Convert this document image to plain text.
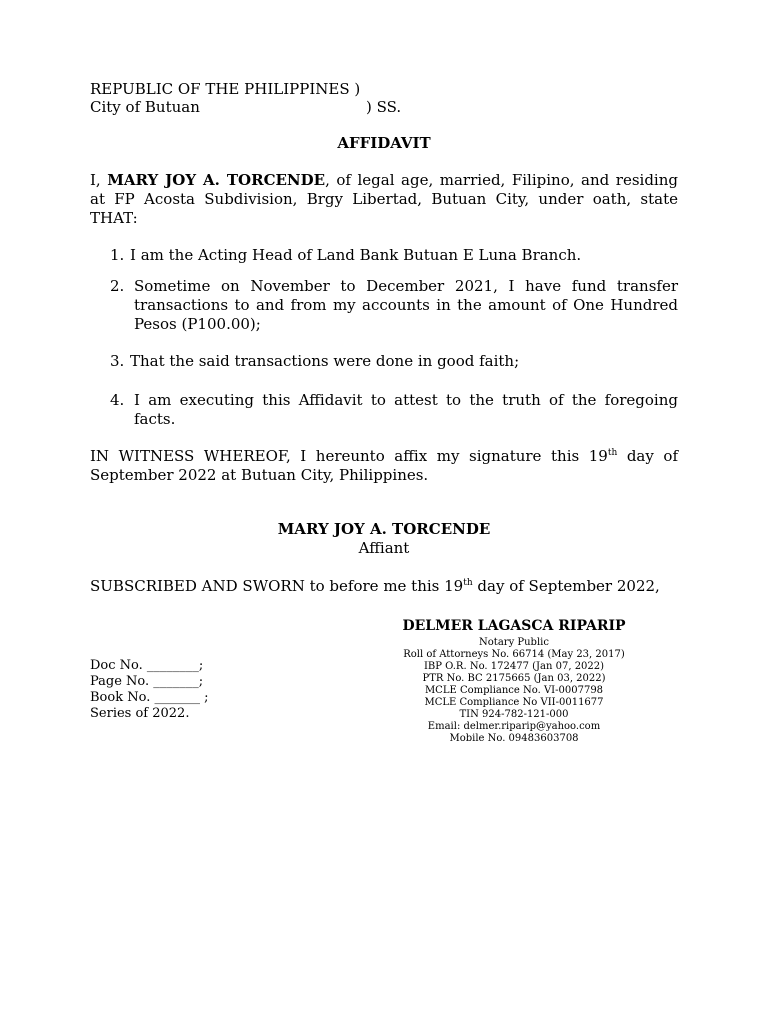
REPUBLIC OF THE PHILIPPINES )
City of Butuan	) SS.
AFFIDAVIT
I, MARY JOY A. TORCENDE, of legal age, married, Filipino, and residing at FP Acosta Subdivision, Brgy Libertad, Butuan City, under oath, state THAT:
1. I am the Acting Head of Land Bank Butuan E Luna Branch.
2. Sometime on November to December 2021, I have fund transfer transactions to and from my accounts in the amount of One Hundred Pesos (P100.00);
3. That the said transactions were done in good faith;
4. I am executing this Affidavit to attest to the truth of the foregoing facts.
IN WITNESS WHEREOF, I hereunto affix my signature this 19th day of September 2022 at Butuan City, Philippines.
MARY JOY A. TORCENDE
Affiant
SUBSCRIBED AND SWORN to before me this 19th day of September 2022,
DELMER LAGASCA RIPARIP
Notary Public
Roll of Attorneys No. 66714 (May 23, 2017)
IBP O.R. No. 172477 (Jan 07, 2022)
PTR No. BC 2175665 (Jan 03, 2022)
MCLE Compliance No. VI-0007798
MCLE Compliance No VII-0011677
TIN 924-782-121-000
Email: delmer.riparip@yahoo.com
Mobile No. 09483603708
Doc No. ________;
Page No. _______;
Book No. _______ ;
Series of 2022.
